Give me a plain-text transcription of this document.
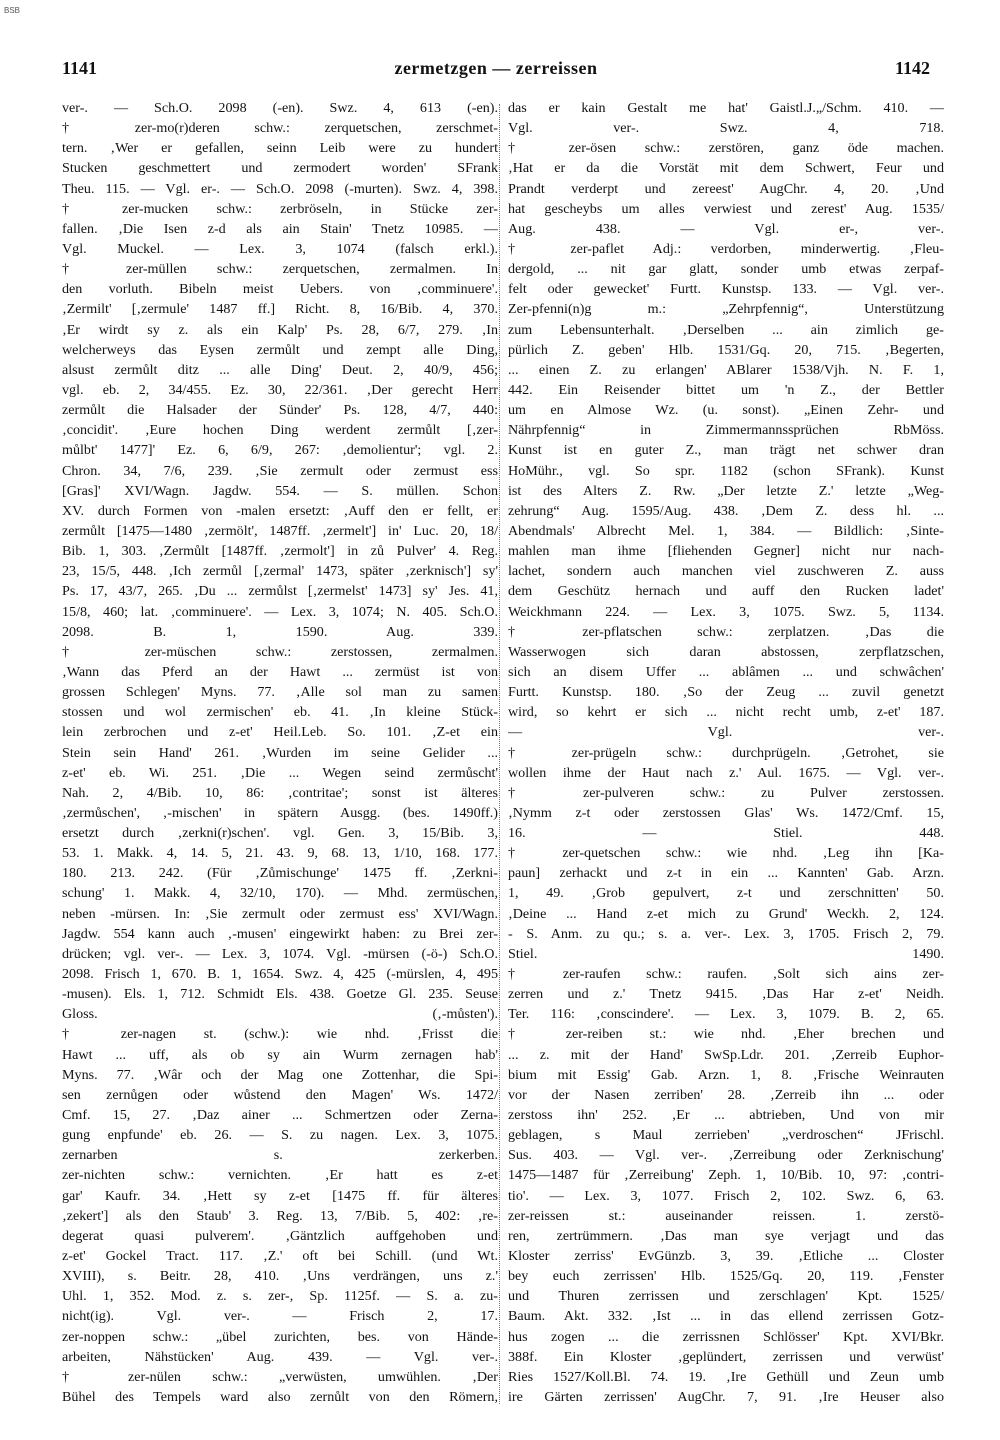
BSB
1141	zermetzgen — zerreissen	1142
ver-. — Sch.O. 2098 (-en). Swz. 4, 613 (-en).
† zer-mo(r)deren schw.: zerquetschen, zerschmet-
tern. ‚Wer er gefallen, seinn Leib were zu hundert
Stucken geschmettert und zermodert worden' SFrank
Theu. 115. — Vgl. er-. — Sch.O. 2098 (-murten). Swz. 4, 398.
† zer-mucken schw.: zerbröseln, in Stücke zer-
fallen. ‚Die Isen z-d als ain Stain' Tnetz 10985. —
Vgl. Muckel. — Lex. 3, 1074 (falsch erkl.).
† zer-müllen schw.: zerquetschen, zermalmen. In
den vorluth. Bibeln meist Uebers. von ‚comminuere'.
‚Zermilt' [‚zermule' 1487 ff.] Richt. 8, 16/Bib. 4, 370.
‚Er wirdt sy z. als ein Kalp' Ps. 28, 6/7, 279. ‚In
welcherweys das Eysen zermůlt und zempt alle Ding,
alsust zermůlt ditz ... alle Ding' Deut. 2, 40/9, 456;
vgl. eb. 2, 34/455. Ez. 30, 22/361. ‚Der gerecht Herr
zermůlt die Halsader der Sünder' Ps. 128, 4/7, 440:
‚concidit'. ‚Eure hochen Ding werdent zermůlt [‚zer-
můlbt' 1477]' Ez. 6, 6/9, 267: ‚demolientur'; vgl. 2.
Chron. 34, 7/6, 239. ‚Sie zermult oder zermust ess
[Gras]' XVI/Wagn. Jagdw. 554. — S. müllen. Schon
XV. durch Formen von -malen ersetzt: ‚Auff den er fellt, er
zermůlt [1475—1480 ‚zermölt', 1487ff. ‚zermelt'] in' Luc. 20, 18/
Bib. 1, 303. ‚Zermůlt [1487ff. ‚zermolt'] in zů Pulver' 4. Reg.
23, 15/5, 448. ‚Ich zermůl [‚zermal' 1473, später ‚zerknisch'] sy'
Ps. 17, 43/7, 265. ‚Du ... zermůlst [‚zermelst' 1473] sy' Jes. 41,
15/8, 460; lat. ‚comminuere'. — Lex. 3, 1074; N. 405. Sch.O.
2098. B. 1, 1590. Aug. 339.
† zer-müschen schw.: zerstossen, zermalmen.
‚Wann das Pferd an der Hawt ... zermüst ist von
grossen Schlegen' Myns. 77. ‚Alle sol man zu samen
stossen und wol zermischen' eb. 41. ‚In kleine Stück-
lein zerbrochen und z-et' Heil.Leb. So. 101. ‚Z-et ein
Stein sein Hand' 261. ‚Wurden im seine Gelider ...
z-et' eb. Wi. 251. ‚Die ... Wegen seind zermůscht'
Nah. 2, 4/Bib. 10, 86: ‚contritae'; sonst ist älteres
‚zermůschen', ‚-mischen' in spätern Ausgg. (bes. 1490ff.)
ersetzt durch ‚zerkni(r)schen'. vgl. Gen. 3, 15/Bib. 3,
53. 1. Makk. 4, 14. 5, 21. 43. 9, 68. 13, 1/10, 168. 177.
180. 213. 242. (Für ‚Zůmischunge' 1475 ff. ‚Zerkni-
schung' 1. Makk. 4, 32/10, 170). — Mhd. zermüschen,
neben -mürsen. In: ‚Sie zermult oder zermust ess' XVI/Wagn.
Jagdw. 554 kann auch ‚-musen' eingewirkt haben: zu Brei zer-
drücken; vgl. ver-. — Lex. 3, 1074. Vgl. -mürsen (-ö-) Sch.O.
2098. Frisch 1, 670. B. 1, 1654. Swz. 4, 425 (-mürslen, 4, 495
-musen). Els. 1, 712. Schmidt Els. 438. Goetze Gl. 235. Seuse
Gloss. (‚-můsten').
† zer-nagen st. (schw.): wie nhd. ‚Frisst die
Hawt ... uff, als ob sy ain Wurm zernagen hab'
Myns. 77. ‚Wâr och der Mag one Zottenhar, die Spi-
sen zernůgen oder wůstend den Magen' Ws. 1472/
Cmf. 15, 27. ‚Daz ainer ... Schmertzen oder Zerna-
gung enpfunde' eb. 26. — S. zu nagen. Lex. 3, 1075.
zernarben s. zerkerben.
zer-nichten schw.: vernichten. ‚Er hatt es z-et
gar' Kaufr. 34. ‚Hett sy z-et [1475 ff. für älteres
‚zekert'] als den Staub' 3. Reg. 13, 7/Bib. 5, 402: ‚re-
degerat quasi pulverem'. ‚Gäntzlich auffgehoben und
z-et' Gockel Tract. 117. ‚Z.' oft bei Schill. (und Wt.
XVIII), s. Beitr. 28, 410. ‚Uns verdrängen, uns z.'
Uhl. 1, 352. Mod. z. s. zer-, Sp. 1125f. — S. a. zu-
nicht(ig). Vgl. ver-. — Frisch 2, 17.
zer-noppen schw.: „übel zurichten, bes. von Hände-
arbeiten, Nähstücken' Aug. 439. — Vgl. ver-.
† zer-nülen schw.: „verwüsten, umwühlen. ‚Der
Bühel des Tempels ward also zernůlt von den Römern,
das er kain Gestalt me hat' Gaistl.J.„/Schm. 410. —
Vgl. ver-. Swz. 4, 718.
† zer-ösen schw.: zerstören, ganz öde machen.
‚Hat er da die Vorstät mit dem Schwert, Feur und
Prandt verderpt und zereest' AugChr. 4, 20. ‚Und
hat gescheybs um alles verwiest und zerest' Aug. 1535/
Aug. 438. — Vgl. er-, ver-.
† zer-paflet Adj.: verdorben, minderwertig. ‚Fleu-
dergold, ... nit gar glatt, sonder umb etwas zerpaf-
felt oder gewecket' Furtt. Kunstsp. 133. — Vgl. ver-.
Zer-pfenni(n)g m.: „Zehrpfennig“, Unterstützung
zum Lebensunterhalt. ‚Derselben ... ain zimlich ge-
pürlich Z. geben' Hlb. 1531/Gq. 20, 715. ‚Begerten,
... einen Z. zu erlangen' ABlarer 1538/Vjh. N. F. 1,
442. Ein Reisender bittet um 'n Z., der Bettler
um en Almose Wz. (u. sonst). „Einen Zehr- und
Nährpfennig“ in Zimmermannssprüchen RbMöss.
Kunst ist en guter Z., man trägt net schwer dran
HoMühr., vgl. So spr. 1182 (schon SFrank). Kunst
ist des Alters Z. Rw. „Der letzte Z.' letzte „Weg-
zehrung“ Aug. 1595/Aug. 438. ‚Dem Z. dess hl. ...
Abendmals' Albrecht Mel. 1, 384. — Bildlich: ‚Sinte-
mahlen man ihme [fliehenden Gegner] nicht nur nach-
lachet, sondern auch manchen viel zuschweren Z. auss
dem Geschütz hernach und auff den Rucken ladet'
Weickhmann 224. — Lex. 3, 1075. Swz. 5, 1134.
† zer-pflatschen schw.: zerplatzen. ‚Das die
Wasserwogen sich daran abstossen, zerpflatzschen,
sich an disem Uffer ... ablâmen ... und schwâchen'
Furtt. Kunstsp. 180. ‚So der Zeug ... zuvil genetzt
wird, so kehrt er sich ... nicht recht umb, z-et' 187.
— Vgl. ver-.
† zer-prügeln schw.: durchprügeln. ‚Getrohet, sie
wollen ihme der Haut nach z.' Aul. 1675. — Vgl. ver-.
† zer-pulveren schw.: zu Pulver zerstossen.
‚Nymm z-t oder zerstossen Glas' Ws. 1472/Cmf. 15,
16. — Stiel. 448.
† zer-quetschen schw.: wie nhd. ‚Leg ihn [Ka-
paun] zerhackt und z-t in ein ... Kannten' Gab. Arzn.
1, 49. ‚Grob gepulvert, z-t und zerschnitten' 50.
‚Deine ... Hand z-et mich zu Grund' Weckh. 2, 124.
- S. Anm. zu qu.; s. a. ver-. Lex. 3, 1705. Frisch 2, 79.
Stiel. 1490.
† zer-raufen schw.: raufen. ‚Solt sich ains zer-
zerren und z.' Tnetz 9415. ‚Das Har z-et' Neidh.
Ter. 116: ‚conscindere'. — Lex. 3, 1079. B. 2, 65.
† zer-reiben st.: wie nhd. ‚Eher brechen und
... z. mit der Hand' SwSp.Ldr. 201. ‚Zerreib Euphor-
bium mit Essig' Gab. Arzn. 1, 8. ‚Frische Weinrauten
vor der Nasen zerriben' 28. ‚Zerreib ihn ... oder
zerstoss ihn' 252. ‚Er ... abtrieben, Und von mir
geblagen, s Maul zerrieben' „verdroschen“ JFrischl.
Sus. 403. — Vgl. ver-. ‚Zerreibung oder Zerknischung'
1475—1487 für ‚Zerreibung' Zeph. 1, 10/Bib. 10, 97: ‚contri-
tio'. — Lex. 3, 1077. Frisch 2, 102. Swz. 6, 63.
zer-reissen st.: auseinander reissen. 1. zerstö-
ren, zertrümmern. ‚Das man sye verjagt und das
Kloster zerriss' EvGünzb. 3, 39. ‚Etliche ... Closter
bey euch zerrissen' Hlb. 1525/Gq. 20, 119. ‚Fenster
und Thuren zerrissen und zerschlagen' Kpt. 1525/
Baum. Akt. 332. ‚Ist ... in das ellend zerrissen Gotz-
hus zogen ... die zerrissnen Schlösser' Kpt. XVI/Bkr.
388f. Ein Kloster ‚geplündert, zerrissen und verwüst'
Ries 1527/Koll.Bl. 74. 19. ‚Ire Gethüll und Zeun umb
ire Gärten zerrissen' AugChr. 7, 91. ‚Ire Heuser also
